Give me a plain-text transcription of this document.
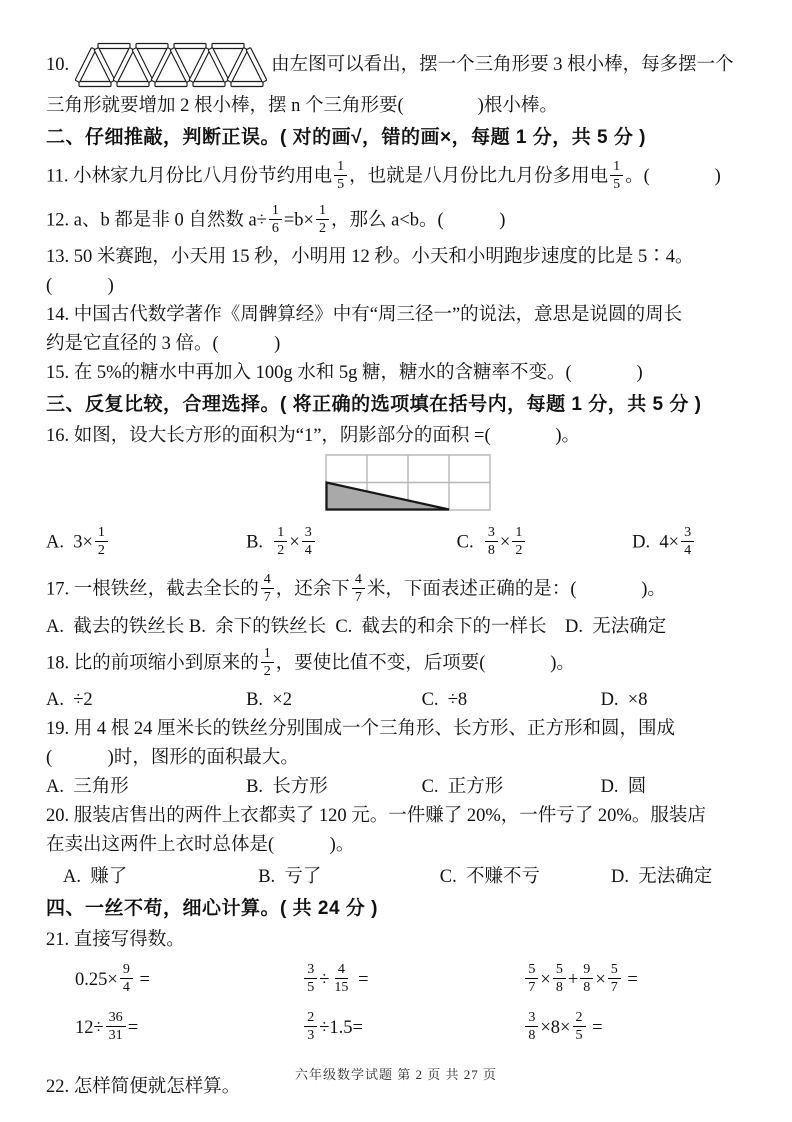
10.	由左图可以看出，摆一个三角形要 3 根小棒，每多摆一个
三角形就要增加 2 根小棒，摆 n 个三角形要(                )根小棒。
二、仔细推敲，判断正误。( 对的画√，错的画×，每题 1 分，共 5 分 )
11. 小林家九月份比八月份节约用电 $\frac{1}{5}$ ，也就是八月份比九月份多用电 $\frac{1}{5}$ 。(              )
12. a、b 都是非 0 自然数 $a\div \frac{1}{6} =b\times \frac{1}{2}$ ，那么 a<b。(            )
13. 50 米赛跑，小天用 15 秒，小明用 12 秒。小天和小明跑步速度的比是 5∶4。
(            )
14. 中国古代数学著作《周髀算经》中有“周三径一”的说法，意思是说圆的周长
约是它直径的 3 倍。(            )
15. 在 5%的糖水中再加入 100g 水和 5g 糖，糖水的含糖率不变。(              )
三、反复比较，合理选择。( 将正确的选项填在括号内，每题 1 分，共 5 分 )
16. 如图，设大长方形的面积为“1”，阴影部分的面积 =(              )。
A.  $3\times \frac{1}{2}$	B. $\frac{1}{2} \times \frac{3}{4}$	C. $\frac{3}{8} \times \frac{1}{2}$	D.  $4\times \frac{3}{4}$
17. 一根铁丝，截去全长的 $\frac{4}{7}$ ，还余下 $\frac{4}{7}$ 米，下面表述正确的是：(              )。
A.  截去的铁丝长 B.  余下的铁丝长  C.  截去的和余下的一样长    D.  无法确定
18. 比的前项缩小到原来的 $\frac{1}{2}$ ，要使比值不变，后项要(              )。
A.  ÷2	B.  ×2	C.  ÷8	D.  ×8
19. 用 4 根 24 厘米长的铁丝分别围成一个三角形、长方形、正方形和圆，围成
(            )时，图形的面积最大。
A.  三角形	B.  长方形	C.  正方形	D.  圆
20. 服装店售出的两件上衣都卖了 120 元。一件赚了 20%，一件亏了 20%。服装店
在卖出这两件上衣时总体是(            )。
A.  赚了	B.  亏了	C.  不赚不亏	D.  无法确定
四、一丝不苟，细心计算。( 共 24 分 )
21. 直接写得数。
$0.25\times \frac{9}{4}$ =	$\frac{3}{5} \div \frac{4}{15}$ =	$\frac{5}{7} \times \frac{5}{8} + \frac{9}{8} \times \frac{5}{7}$ =
$12\div \frac{36}{31}$ =	$\frac{2}{3} \div 1.5=$	$\frac{3}{8} \times 8\times \frac{2}{5}$ =
22. 怎样简便就怎样算。
六年级数学试题 第 2 页 共 27 页
